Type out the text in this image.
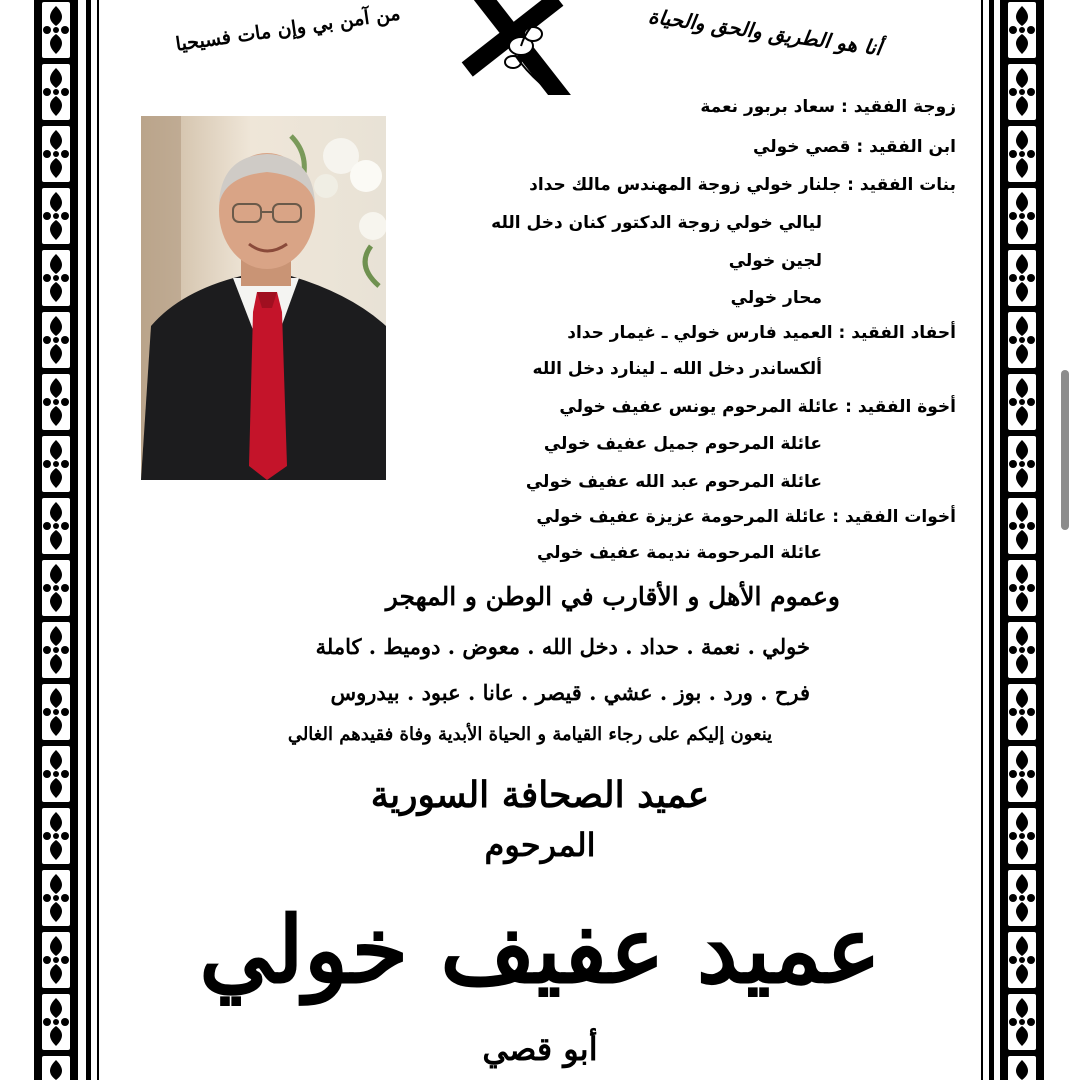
من آمن بي وإن مات فسيحيا	أنا هو الطريق والحق والحياة
زوجة الفقيد : سعاد بربور نعمة
ابن الفقيد : قصي خولي
بنات الفقيد : جلنار خولي زوجة المهندس مالك حداد
ليالي خولي زوجة الدكتور كنان دخل الله
لجين خولي
محار خولي
أحفاد الفقيد : العميد فارس خولي ـ غيمار حداد
ألكساندر دخل الله ـ لينارد دخل الله
أخوة الفقيد : عائلة المرحوم يونس عفيف خولي
عائلة المرحوم جميل عفيف خولي
عائلة المرحوم عبد الله عفيف خولي
أخوات الفقيد : عائلة المرحومة عزيزة عفيف خولي
عائلة المرحومة نديمة عفيف خولي
وعموم الأهل و الأقارب في الوطن و المهجر
خولي . نعمة . حداد . دخل الله . معوض . دوميط . كاملة
فرح . ورد . بوز . عشي . قيصر . عانا . عبود . بيدروس
ينعون إليكم على رجاء القيامة و الحياة الأبدية وفاة فقيدهم الغالي
عميد الصحافة السورية
المرحوم
عميد عفيف خولي
أبو قصي
